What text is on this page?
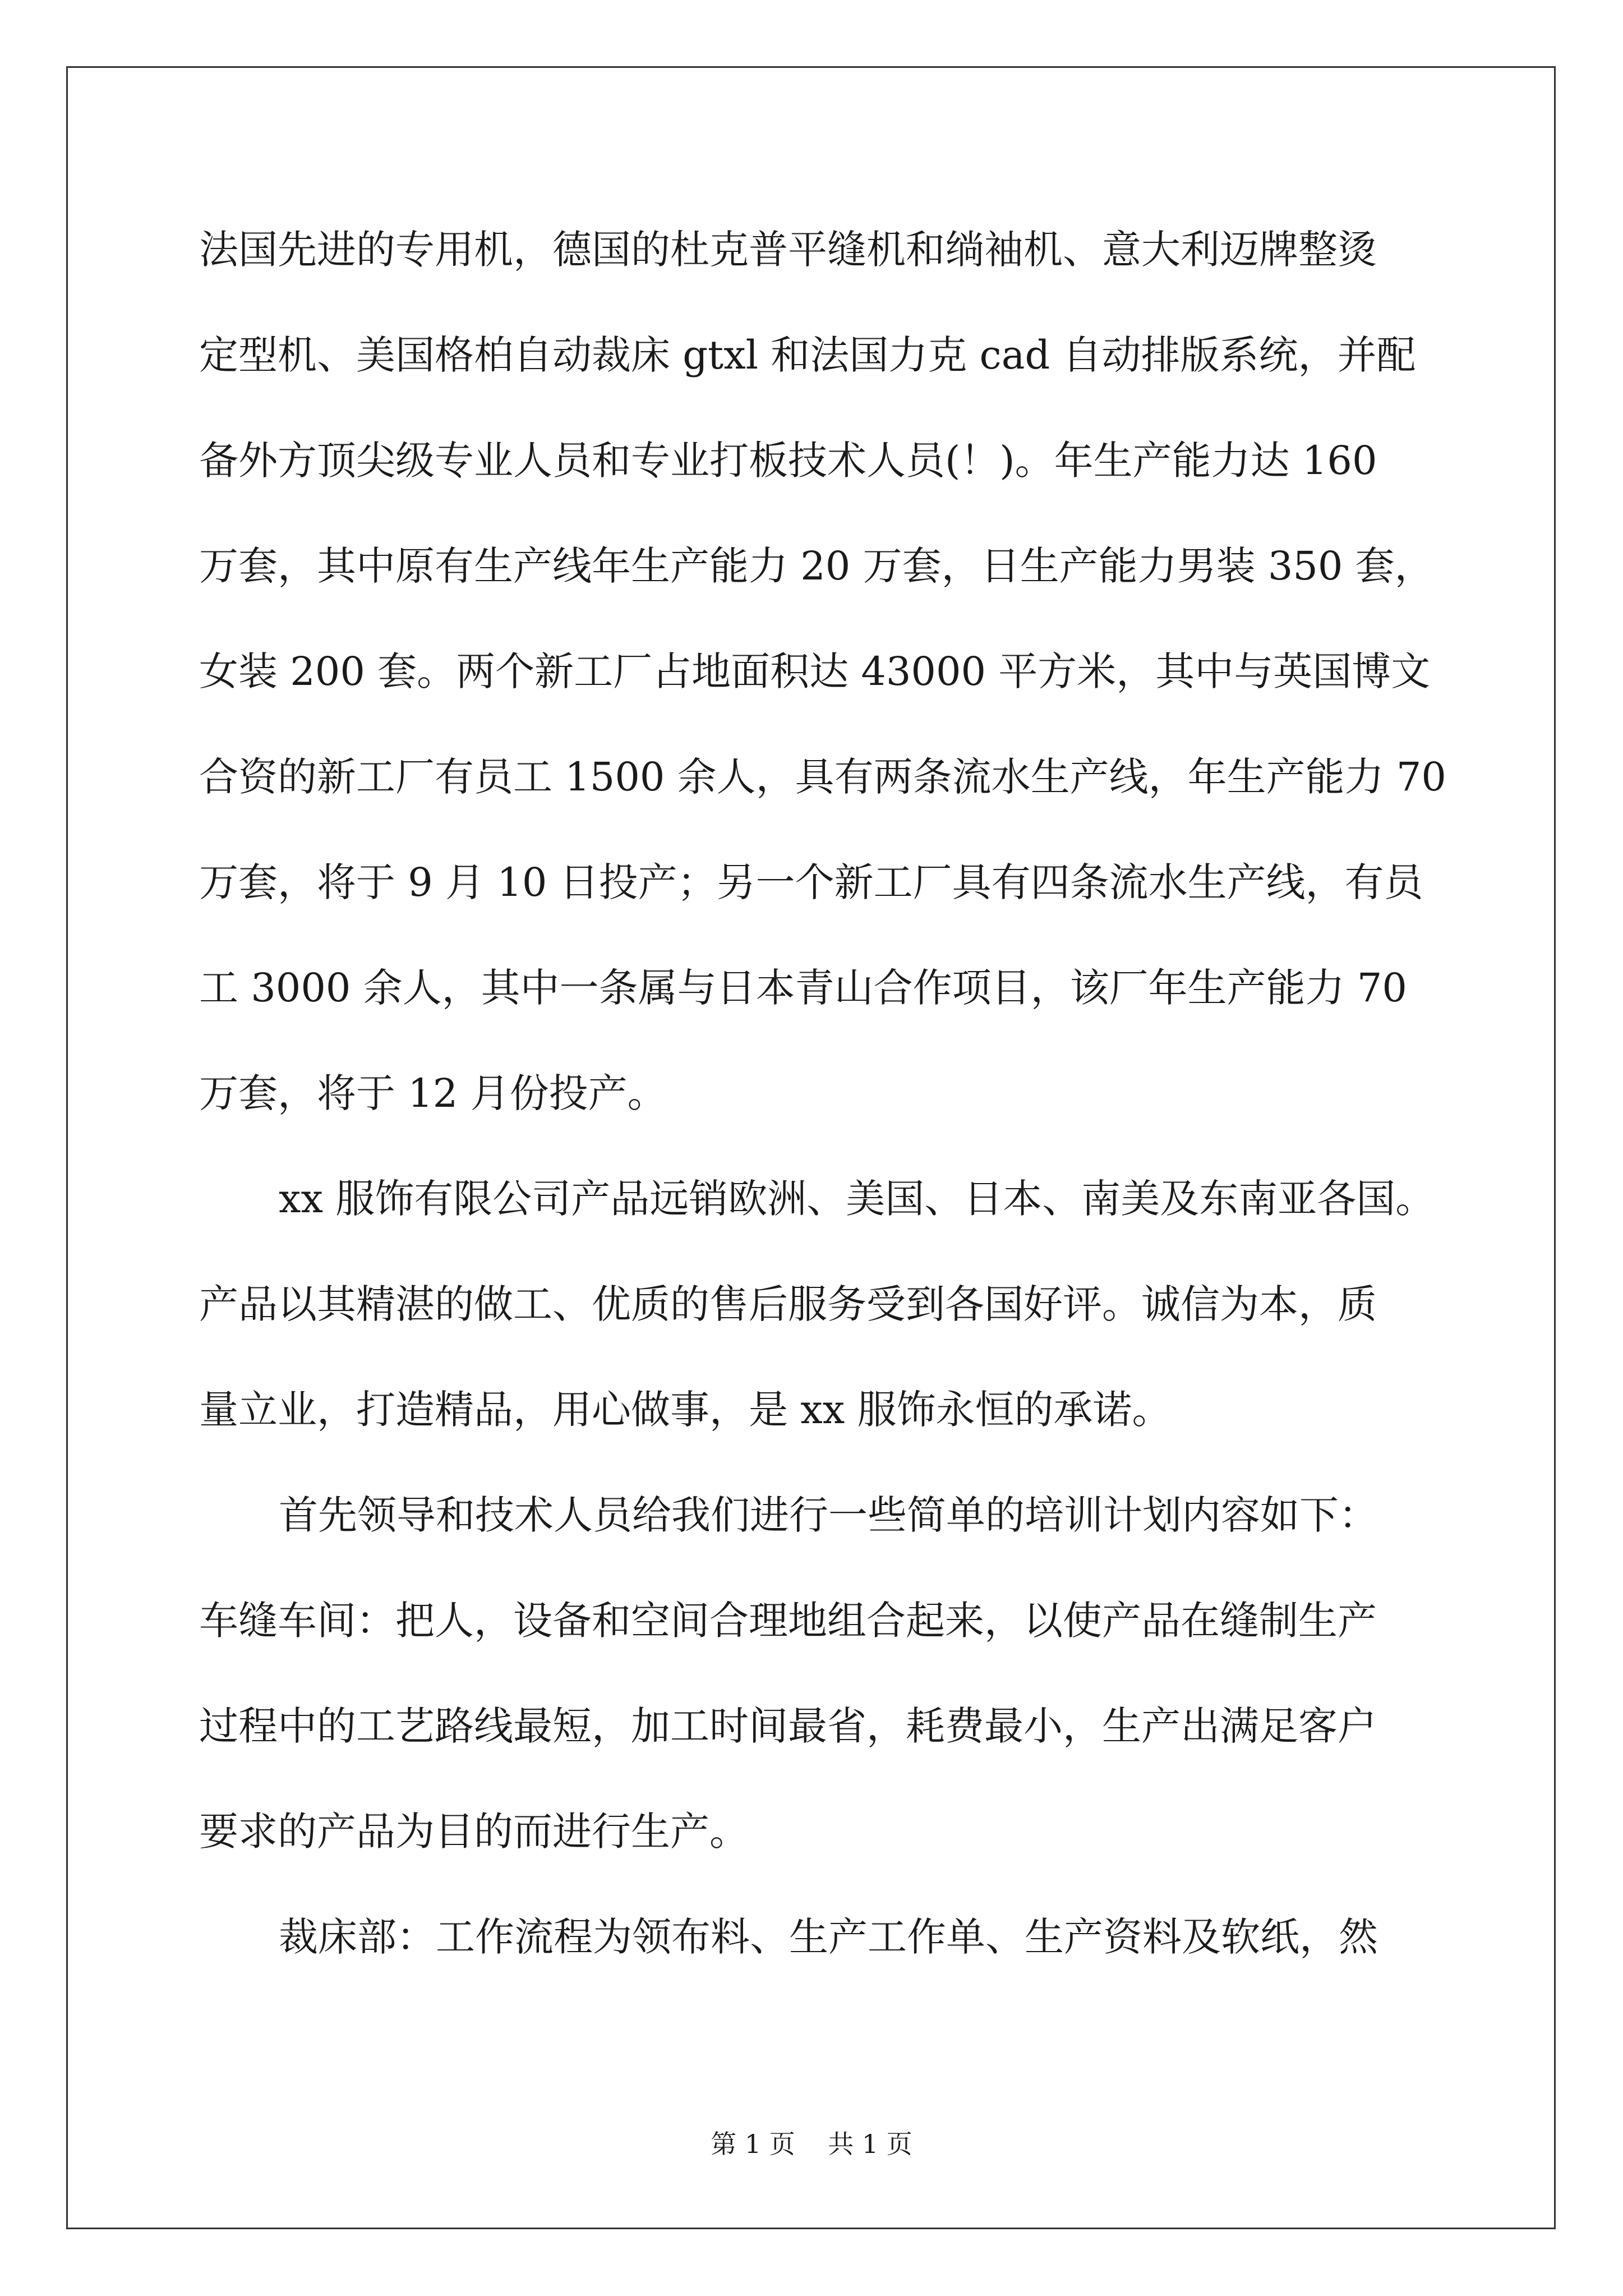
法国先进的专用机，德国的杜克普平缝机和绱袖机、意大利迈牌整烫
定型机、美国格柏自动裁床 gtxl 和法国力克 cad 自动排版系统，并配
备外方顶尖级专业人员和专业打板技术人员(！)。年生产能力达 160
万套，其中原有生产线年生产能力 20 万套，日生产能力男装 350 套，
女装 200 套。两个新工厂占地面积达 43000 平方米，其中与英国博文
合资的新工厂有员工 1500 余人，具有两条流水生产线，年生产能力 70
万套，将于 9 月 10 日投产；另一个新工厂具有四条流水生产线，有员
工 3000 余人，其中一条属与日本青山合作项目，该厂年生产能力 70
万套，将于 12 月份投产。
xx 服饰有限公司产品远销欧洲、美国、日本、南美及东南亚各国。
产品以其精湛的做工、优质的售后服务受到各国好评。诚信为本，质
量立业，打造精品，用心做事，是 xx 服饰永恒的承诺。
首先领导和技术人员给我们进行一些简单的培训计划内容如下：
车缝车间：把人，设备和空间合理地组合起来，以使产品在缝制生产
过程中的工艺路线最短，加工时间最省，耗费最小，生产出满足客户
要求的产品为目的而进行生产。
裁床部：工作流程为领布料、生产工作单、生产资料及软纸，然
第 1 页    共 1 页
